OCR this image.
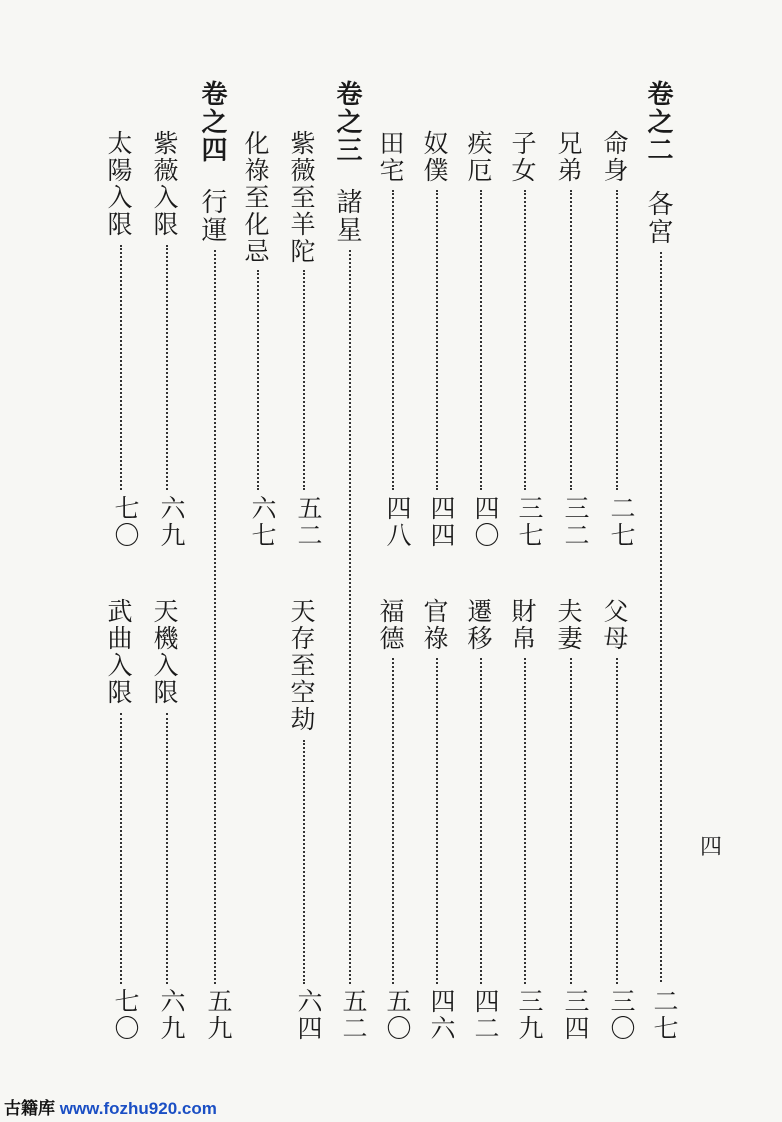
卷之二
各宮
二七
命身
二七
父母
三〇
兄弟
三二
夫妻
三四
子女
三七
財帛
三九
疾厄
四〇
遷移
四二
奴僕
四四
官祿
四六
田宅
四八
福德
五〇
卷之三
諸星
五二
紫薇至羊陀
五二
天存至空劫
六四
化祿至化忌
六七
卷之四
行運
五九
紫薇入限
六九
天機入限
六九
太陽入限
七〇
武曲入限
七〇
四
古籍库 www.fozhu920.com
